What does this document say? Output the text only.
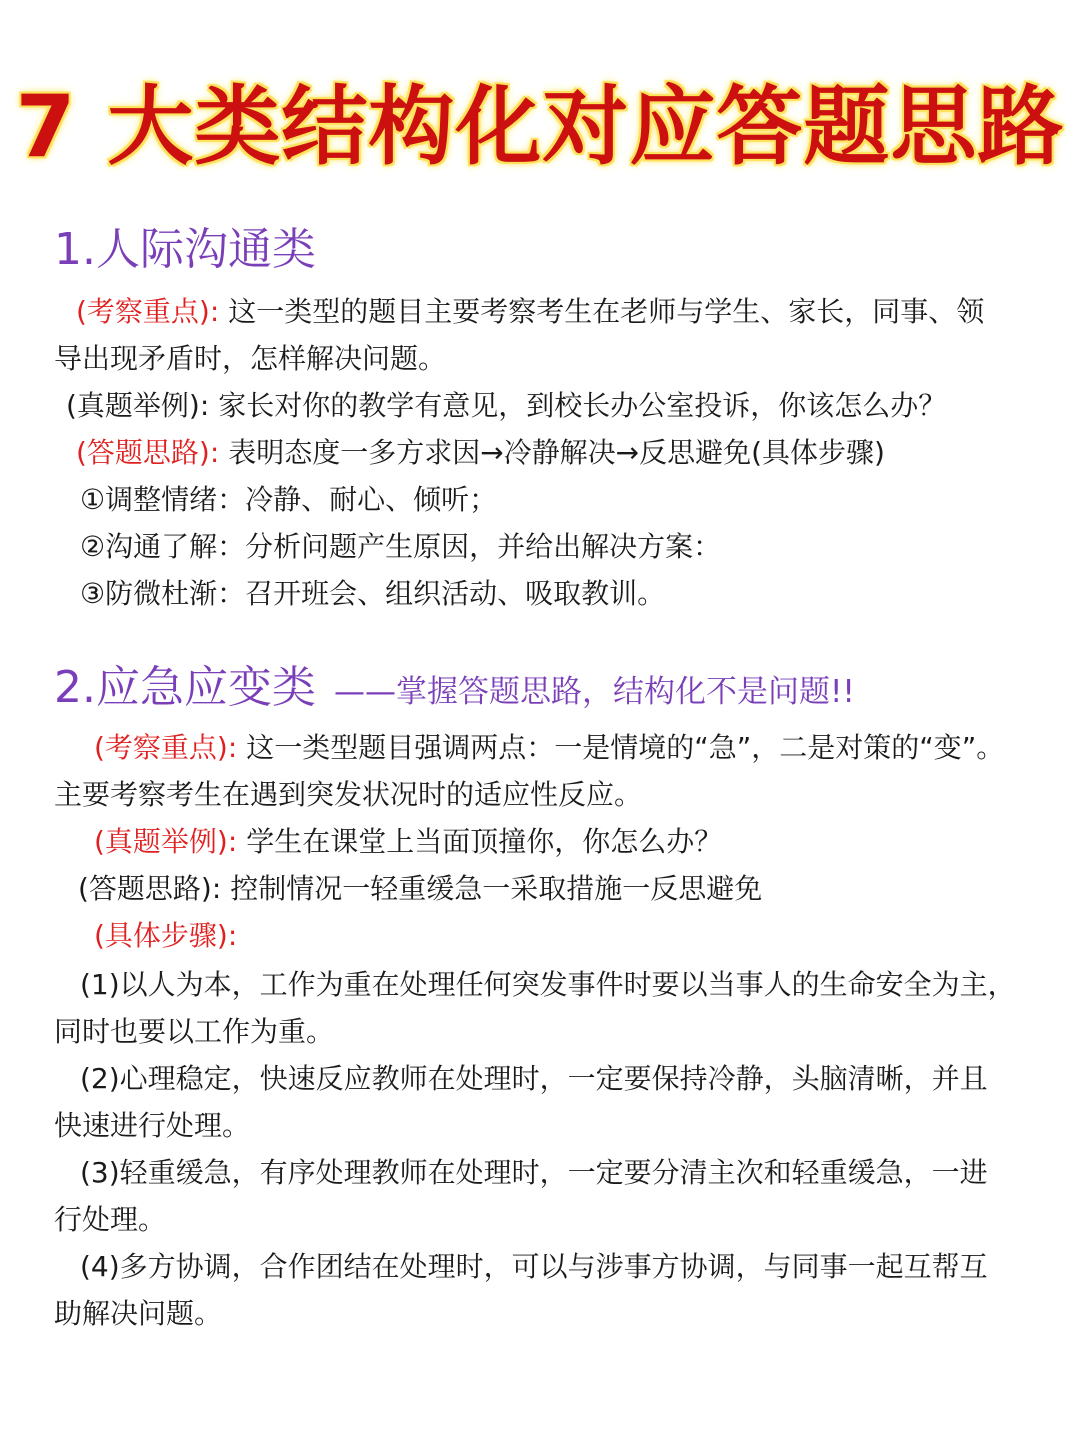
7 大类结构化对应答题思路
1.人际沟通类
(考察重点): 这一类型的题目主要考察考生在老师与学生、家长，同事、领
导出现矛盾时，怎样解决问题。
(真题举例): 家长对你的教学有意见，到校长办公室投诉，你该怎么办？
(答题思路): 表明态度一多方求因→冷静解决→反思避免(具体步骤)
①调整情绪：冷静、耐心、倾听；
②沟通了解：分析问题产生原因，并给出解决方案：
③防微杜渐：召开班会、组织活动、吸取教训。
2.应急应变类 ——掌握答题思路，结构化不是问题!!
(考察重点): 这一类型题目强调两点：一是情境的“急”，二是对策的“变”。
主要考察考生在遇到突发状况时的适应性反应。
(真题举例): 学生在课堂上当面顶撞你，你怎么办？
(答题思路): 控制情况一轻重缓急一采取措施一反思避免
(具体步骤):
(1)以人为本，工作为重在处理任何突发事件时要以当事人的生命安全为主，
同时也要以工作为重。
(2)心理稳定，快速反应教师在处理时，一定要保持冷静，头脑清晰，并且
快速进行处理。
(3)轻重缓急，有序处理教师在处理时，一定要分清主次和轻重缓急，一进
行处理。
(4)多方协调，合作团结在处理时，可以与涉事方协调，与同事一起互帮互
助解决问题。
